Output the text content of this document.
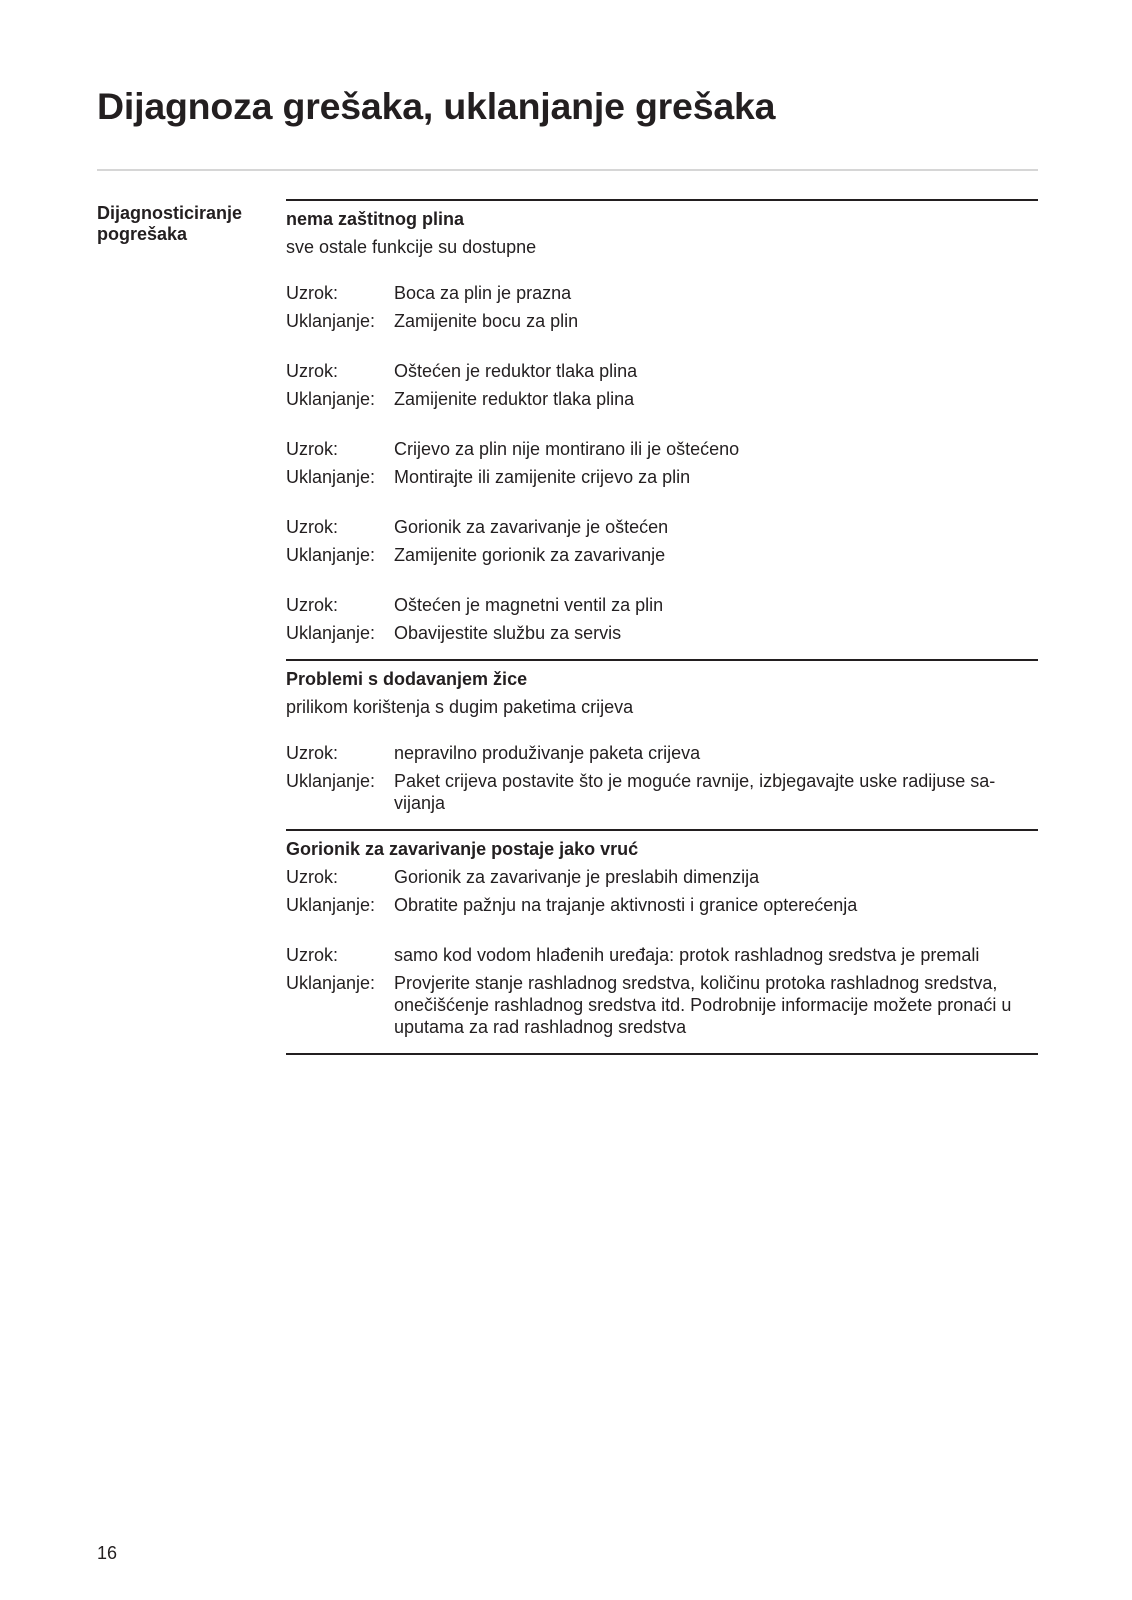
Dijagnoza grešaka, uklanjanje grešaka
Dijagnosticiranje
pogrešaka
nema zaštitnog plina
sve ostale funkcije su dostupne
Uzrok:	Boca za plin je prazna
Uklanjanje:	Zamijenite bocu za plin
Uzrok:	Oštećen je reduktor tlaka plina
Uklanjanje:	Zamijenite reduktor tlaka plina
Uzrok:	Crijevo za plin nije montirano ili je oštećeno
Uklanjanje:	Montirajte ili zamijenite crijevo za plin
Uzrok:	Gorionik za zavarivanje je oštećen
Uklanjanje:	Zamijenite gorionik za zavarivanje
Uzrok:	Oštećen je magnetni ventil za plin
Uklanjanje:	Obavijestite službu za servis
Problemi s dodavanjem žice
prilikom korištenja s dugim paketima crijeva
Uzrok:	nepravilno produživanje paketa crijeva
Uklanjanje:	Paket crijeva postavite što je moguće ravnije, izbjegavajte uske radijuse sa-vijanja
Gorionik za zavarivanje postaje jako vruć
Uzrok:	Gorionik za zavarivanje je preslabih dimenzija
Uklanjanje:	Obratite pažnju na trajanje aktivnosti i granice opterećenja
Uzrok:	samo kod vodom hlađenih uređaja: protok rashladnog sredstva je premali
Uklanjanje:	Provjerite stanje rashladnog sredstva, količinu protoka rashladnog sredstva, onečišćenje rashladnog sredstva itd. Podrobnije informacije možete pronaći u uputama za rad rashladnog sredstva
16
